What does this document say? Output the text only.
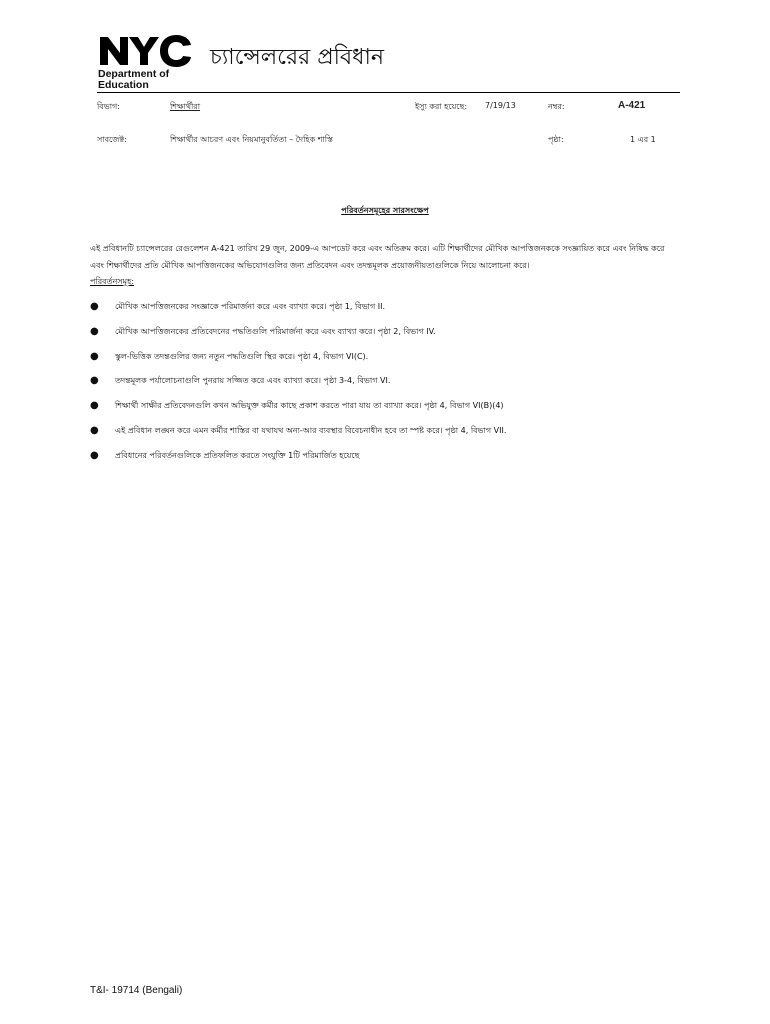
Department of
Education
চ্যান্সেলরের প্রবিধান
বিভাগ:	শিক্ষার্থীরা	ইস্যু করা হয়েছে: 7/19/13	নম্বর:	A-421
সাবজেক্ট:	শিক্ষার্থীর আচরণ এবং নিয়মানুবর্তিতা – দৈহিক শাস্তি	পৃষ্ঠা:	1 এর 1
পরিবর্তনসমূহের সারসংক্ষেপ
এই প্রবিধানটি চ্যান্সেলরের রেগুলেশন A-421 তারিখ 29 জুন, 2009-এ আপডেট করে এবং অতিক্রম করে। এটি শিক্ষার্থীদের মৌখিক আপত্তিজনককে সংজ্ঞায়িত করে এবং নিষিদ্ধ করে এবং শিক্ষার্থীদের প্রতি মৌখিক আপত্তিজনকের অভিযোগগুলির জন্য প্রতিবেদন এবং তদন্তমূলক প্রয়োজনীয়তাগুলিকে নিয়ে আলোচনা করে।
পরিবর্তনসমূহ:
● মৌখিক আপত্তিজনকের সংজ্ঞাকে পরিমার্জনা করে এবং ব্যাখ্যা করে। পৃষ্ঠা 1, বিভাগ II.
● মৌখিক আপত্তিজনকের প্রতিবেদনের পদ্ধতিগুলি পরিমার্জনা করে এবং ব্যাখ্যা করে। পৃষ্ঠা 2, বিভাগ IV.
● স্কুল-ভিত্তিক তদন্তগুলির জন্য নতুন পদ্ধতিগুলি স্থির করে। পৃষ্ঠা 4, বিভাগ VI(C).
● তদন্তমূলক পর্যালোচনাগুলি পুনরায় সজ্জিত করে এবং ব্যাখ্যা করে। পৃষ্ঠা 3-4, বিভাগ VI.
● শিক্ষার্থী সাক্ষীর প্রতিবেদনগুলি কখন অভিযুক্ত কর্মীর কাছে প্রকাশ করতে পারা যায় তা ব্যাখ্যা করে। পৃষ্ঠা 4, বিভাগ VI(B)(4)
● এই প্রবিধান লঙ্ঘন করে এমন কর্মীর শাস্তির বা যথাযথ অন্য-আর ব্যবস্থার বিবেচনাধীন হবে তা স্পষ্ট করে। পৃষ্ঠা 4, বিভাগ VII.
● প্রবিধানের পরিবর্তনগুলিকে প্রতিফলিত করতে সংযুক্তি 1টি পরিমার্জিত হয়েছে
T&I- 19714 (Bengali)
